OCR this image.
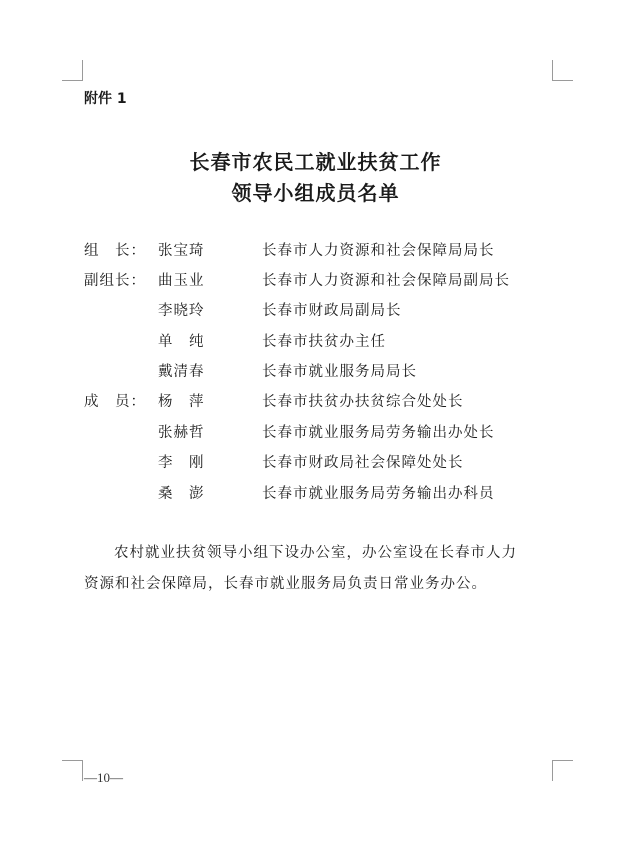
附件 1
长春市农民工就业扶贫工作
领导小组成员名单
组　长： 张宝琦	长春市人力资源和社会保障局局长
副组长： 曲玉业	长春市人力资源和社会保障局副局长
李晓玲	长春市财政局副局长
单　纯	长春市扶贫办主任
戴清春	长春市就业服务局局长
成　员： 杨　萍	长春市扶贫办扶贫综合处处长
张赫哲	长春市就业服务局劳务输出办处长
李　刚	长春市财政局社会保障处处长
桑　澎	长春市就业服务局劳务输出办科员
农村就业扶贫领导小组下设办公室，办公室设在长春市人力
资源和社会保障局，长春市就业服务局负责日常业务办公。
—10—
